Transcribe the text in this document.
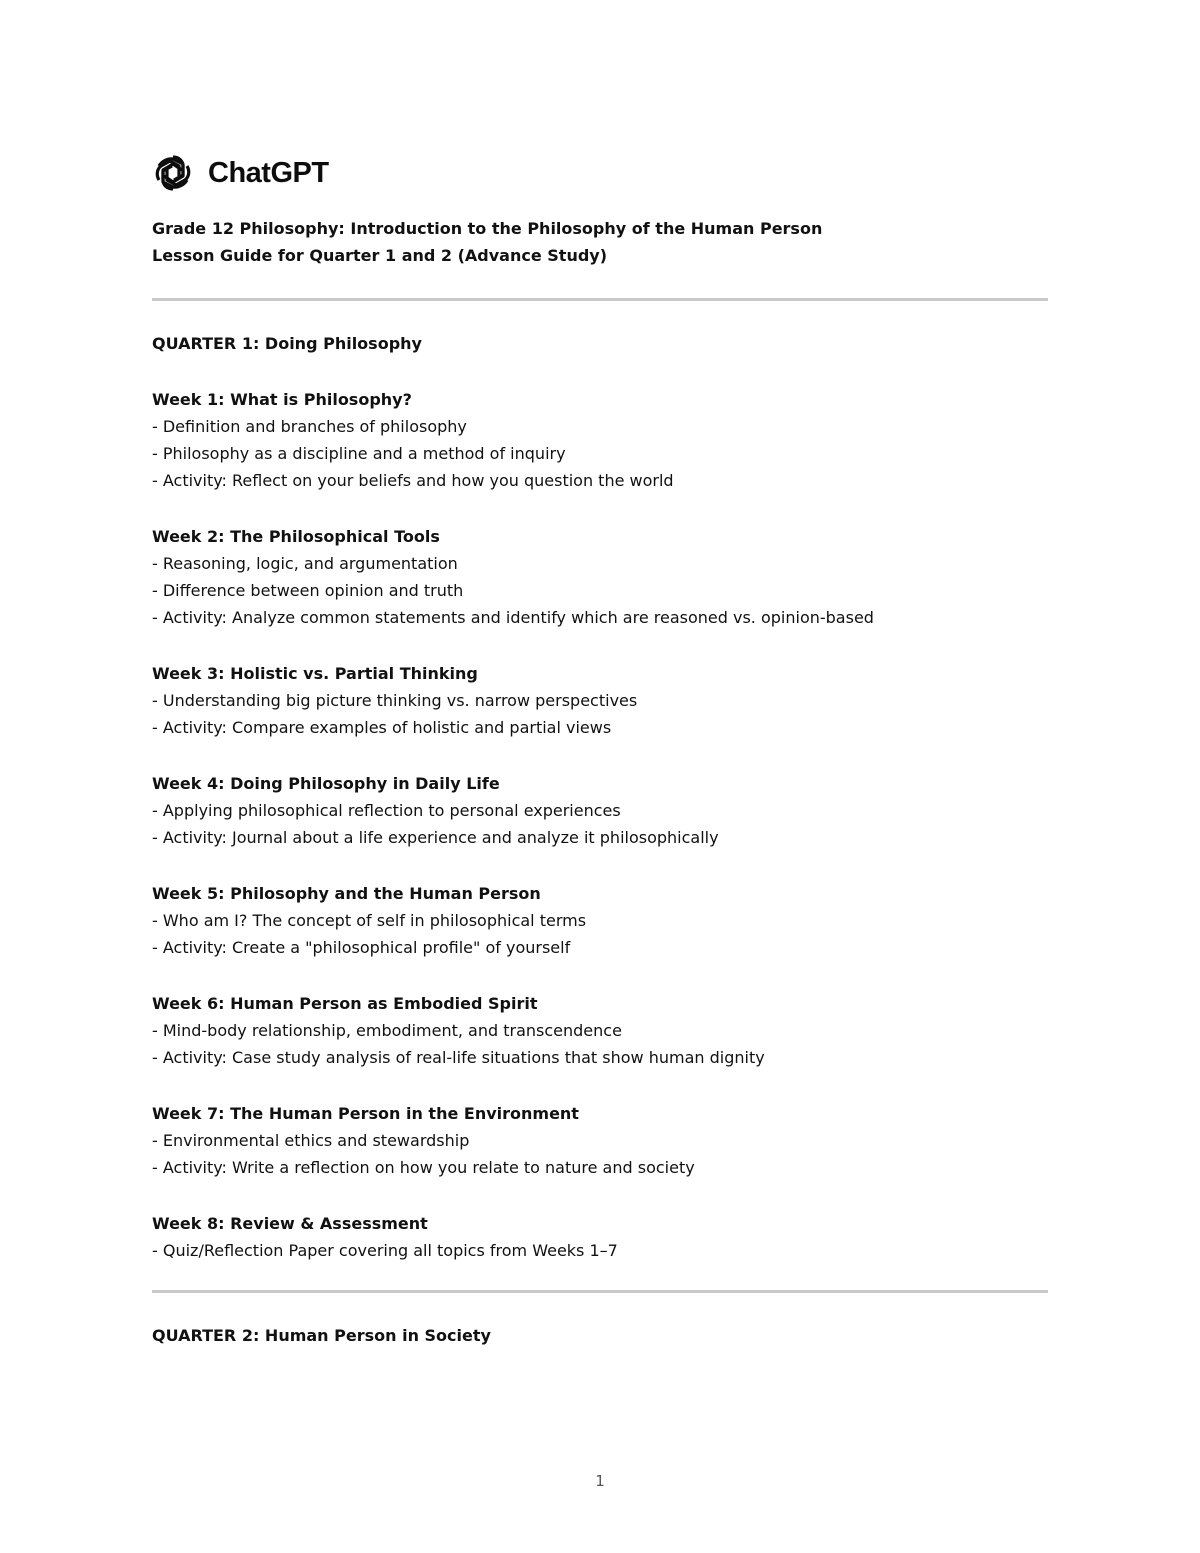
ChatGPT

Grade 12 Philosophy: Introduction to the Philosophy of the Human Person

Lesson Guide for Quarter 1 and 2 (Advance Study)

QUARTER 1: Doing Philosophy

Week 1: What is Philosophy?
- Definition and branches of philosophy
- Philosophy as a discipline and a method of inquiry
- Activity: Reflect on your beliefs and how you question the world
Week 2: The Philosophical Tools
- Reasoning, logic, and argumentation
- Difference between opinion and truth
- Activity: Analyze common statements and identify which are reasoned vs. opinion-based
Week 3: Holistic vs. Partial Thinking
- Understanding big picture thinking vs. narrow perspectives
- Activity: Compare examples of holistic and partial views
Week 4: Doing Philosophy in Daily Life
- Applying philosophical reflection to personal experiences
- Activity: Journal about a life experience and analyze it philosophically
Week 5: Philosophy and the Human Person
- Who am I? The concept of self in philosophical terms
- Activity: Create a "philosophical profile" of yourself
Week 6: Human Person as Embodied Spirit
- Mind-body relationship, embodiment, and transcendence
- Activity: Case study analysis of real-life situations that show human dignity
Week 7: The Human Person in the Environment
- Environmental ethics and stewardship
- Activity: Write a reflection on how you relate to nature and society
Week 8: Review & Assessment
- Quiz/Reflection Paper covering all topics from Weeks 1–7

QUARTER 2: Human Person in Society

1
